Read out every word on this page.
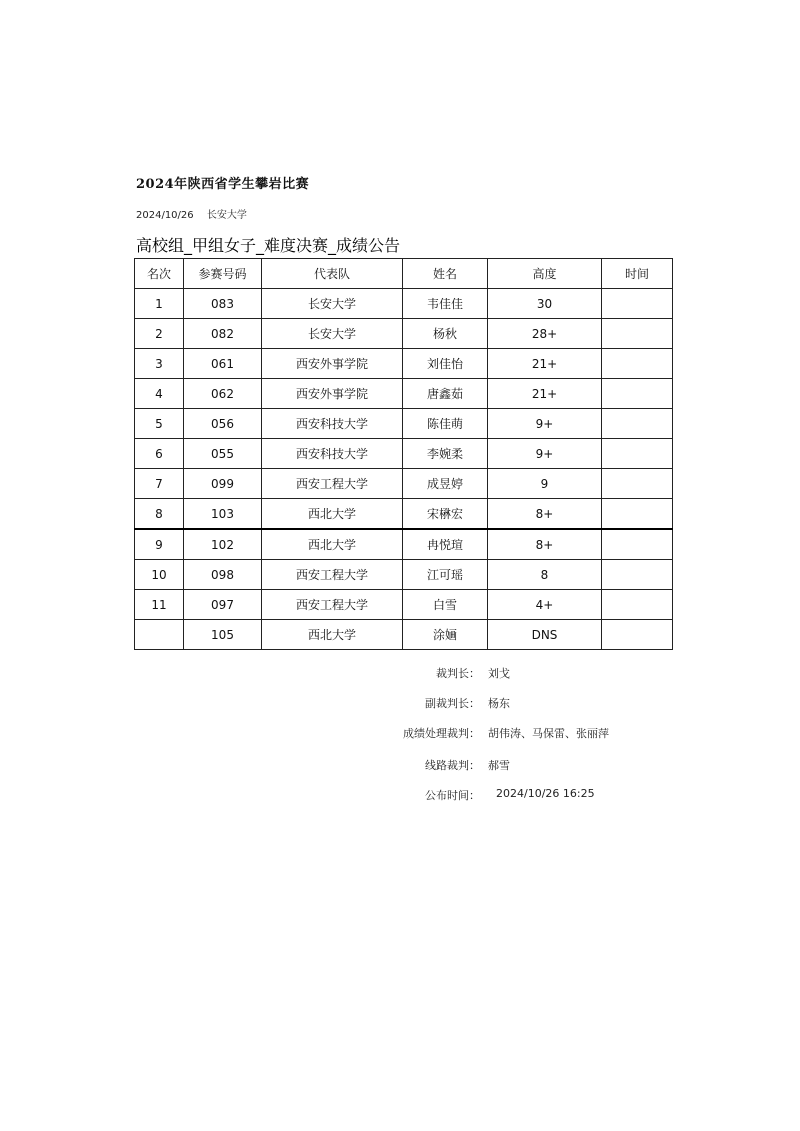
2024年陕西省学生攀岩比赛
2024/10/26 长安大学
高校组_甲组女子_难度决赛_成绩公告
名次	参赛号码	代表队	姓名	高度	时间
1	083	长安大学	韦佳佳	30	
2	082	长安大学	杨秋	28+	
3	061	西安外事学院	刘佳怡	21+	
4	062	西安外事学院	唐鑫茹	21+	
5	056	西安科技大学	陈佳萌	9+	
6	055	西安科技大学	李婉柔	9+	
7	099	西安工程大学	成昱婷	9	
8	103	西北大学	宋楙宏	8+	
9	102	西北大学	冉悦瑄	8+	
10	098	西安工程大学	江可瑶	8	
11	097	西安工程大学	白雪	4+	
	105	西北大学	涂婳	DNS	
裁判长： 刘戈
副裁判长： 杨东
成绩处理裁判： 胡伟涛、马保雷、张丽萍
线路裁判： 郝雪
公布时间： 2024/10/26 16:25
